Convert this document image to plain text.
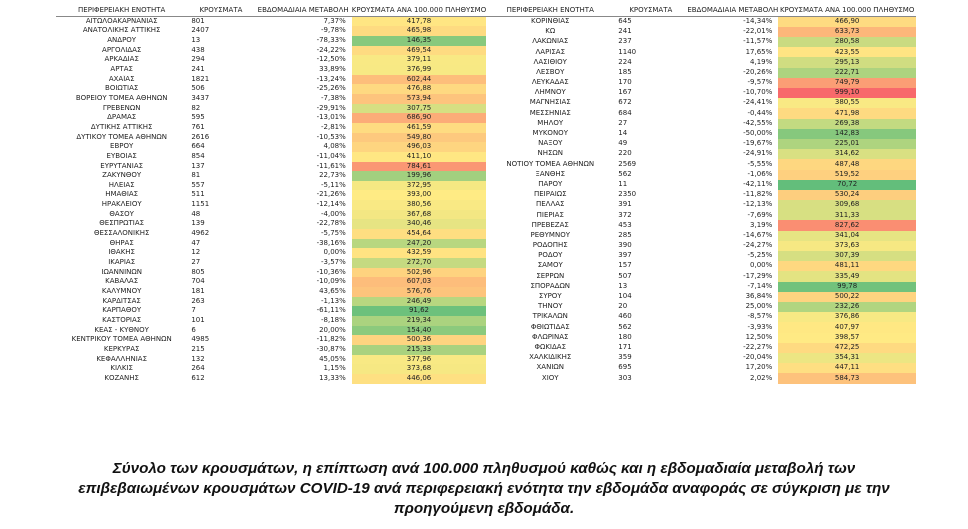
ΠΕΡΙΦΕΡΕΙΑΚΗ ΕΝΟΤΗΤΑ	ΚΡΟΥΣΜΑΤΑ	ΕΒΔΟΜΑΔΙΑΙΑ ΜΕΤΑΒΟΛΗ	ΚΡΟΥΣΜΑΤΑ ΑΝΑ 100.000 ΠΛΗΘΥΣΜΟ
ΑΙΤΩΛΟΑΚΑΡΝΑΝΙΑΣ	801	7,37%	417,78
ΑΝΑΤΟΛΙΚΗΣ ΑΤΤΙΚΗΣ	2407	-9,78%	465,98
ΑΝΔΡΟΥ	13	-78,33%	146,35
ΑΡΓΟΛΙΔΑΣ	438	-24,22%	469,54
ΑΡΚΑΔΙΑΣ	294	-12,50%	379,11
ΑΡΤΑΣ	241	33,89%	376,99
ΑΧΑΪΑΣ	1821	-13,24%	602,44
ΒΟΙΩΤΙΑΣ	506	-25,26%	476,88
ΒΟΡΕΙΟΥ ΤΟΜΕΑ ΑΘΗΝΩΝ	3437	-7,38%	573,94
ΓΡΕΒΕΝΩΝ	82	-29,91%	307,75
ΔΡΑΜΑΣ	595	-13,01%	686,90
ΔΥΤΙΚΗΣ ΑΤΤΙΚΗΣ	761	-2,81%	461,59
ΔΥΤΙΚΟΥ ΤΟΜΕΑ ΑΘΗΝΩΝ	2616	-10,53%	549,80
ΕΒΡΟΥ	664	4,08%	496,03
ΕΥΒΟΙΑΣ	854	-11,04%	411,10
ΕΥΡΥΤΑΝΙΑΣ	137	-11,61%	784,61
ΖΑΚΥΝΘΟΥ	81	22,73%	199,96
ΗΛΕΙΑΣ	557	-5,11%	372,95
ΗΜΑΘΙΑΣ	511	-21,26%	393,00
ΗΡΑΚΛΕΙΟΥ	1151	-12,14%	380,56
ΘΑΣΟΥ	48	-4,00%	367,68
ΘΕΣΠΡΩΤΙΑΣ	139	-22,78%	340,46
ΘΕΣΣΑΛΟΝΙΚΗΣ	4962	-5,75%	454,64
ΘΗΡΑΣ	47	-38,16%	247,20
ΙΘΑΚΗΣ	12	0,00%	432,59
ΙΚΑΡΙΑΣ	27	-3,57%	272,70
ΙΩΑΝΝΙΝΩΝ	805	-10,36%	502,96
ΚΑΒΑΛΑΣ	704	-10,09%	607,03
ΚΑΛΥΜΝΟΥ	181	43,65%	576,76
ΚΑΡΔΙΤΣΑΣ	263	-1,13%	246,49
ΚΑΡΠΑΘΟΥ	7	-61,11%	91,62
ΚΑΣΤΟΡΙΑΣ	101	-8,18%	219,34
ΚΕΑΣ - ΚΥΘΝΟΥ	6	20,00%	154,40
ΚΕΝΤΡΙΚΟΥ ΤΟΜΕΑ ΑΘΗΝΩΝ	4985	-11,82%	500,36
ΚΕΡΚΥΡΑΣ	215	-30,87%	215,33
ΚΕΦΑΛΛΗΝΙΑΣ	132	45,05%	377,96
ΚΙΛΚΙΣ	264	1,15%	373,68
ΚΟΖΑΝΗΣ	612	13,33%	446,06
ΠΕΡΙΦΕΡΕΙΑΚΗ ΕΝΟΤΗΤΑ	ΚΡΟΥΣΜΑΤΑ	ΕΒΔΟΜΑΔΙΑΙΑ ΜΕΤΑΒΟΛΗ	ΚΡΟΥΣΜΑΤΑ ΑΝΑ 100.000 ΠΛΗΘΥΣΜΟ
ΚΟΡΙΝΘΙΑΣ	645	-14,34%	466,90
ΚΩ	241	-22,01%	633,73
ΛΑΚΩΝΙΑΣ	237	-11,57%	280,58
ΛΑΡΙΣΑΣ	1140	17,65%	423,55
ΛΑΣΙΘΙΟΥ	224	4,19%	295,13
ΛΕΣΒΟΥ	185	-20,26%	222,71
ΛΕΥΚΑΔΑΣ	170	-9,57%	749,79
ΛΗΜΝΟΥ	167	-10,70%	999,10
ΜΑΓΝΗΣΙΑΣ	672	-24,41%	380,55
ΜΕΣΣΗΝΙΑΣ	684	-0,44%	471,98
ΜΗΛΟΥ	27	-42,55%	269,38
ΜΥΚΟΝΟΥ	14	-50,00%	142,83
ΝΑΞΟΥ	49	-19,67%	225,01
ΝΗΣΩΝ	220	-24,91%	314,62
ΝΟΤΙΟΥ ΤΟΜΕΑ ΑΘΗΝΩΝ	2569	-5,55%	487,48
ΞΑΝΘΗΣ	562	-1,06%	519,52
ΠΑΡΟΥ	11	-42,11%	70,72
ΠΕΙΡΑΙΩΣ	2350	-11,82%	530,24
ΠΕΛΛΑΣ	391	-12,13%	309,68
ΠΙΕΡΙΑΣ	372	-7,69%	311,33
ΠΡΕΒΕΖΑΣ	453	3,19%	827,62
ΡΕΘΥΜΝΟΥ	285	-14,67%	341,04
ΡΟΔΟΠΗΣ	390	-24,27%	373,63
ΡΟΔΟΥ	397	-5,25%	307,39
ΣΑΜΟΥ	157	0,00%	481,11
ΣΕΡΡΩΝ	507	-17,29%	335,49
ΣΠΟΡΑΔΩΝ	13	-7,14%	99,78
ΣΥΡΟΥ	104	36,84%	500,22
ΤΗΝΟΥ	20	25,00%	232,26
ΤΡΙΚΑΛΩΝ	460	-8,57%	376,86
ΦΘΙΩΤΙΔΑΣ	562	-3,93%	407,97
ΦΛΩΡΙΝΑΣ	180	12,50%	398,57
ΦΩΚΙΔΑΣ	171	-22,27%	472,25
ΧΑΛΚΙΔΙΚΗΣ	359	-20,04%	354,31
ΧΑΝΙΩΝ	695	17,20%	447,11
ΧΙΟΥ	303	2,02%	584,73
Σύνολο των κρουσμάτων, η επίπτωση ανά 100.000 πληθυσμού καθώς και η εβδομαδιαία μεταβολή των
επιβεβαιωμένων κρουσμάτων COVID-19 ανά περιφερειακή ενότητα την εβδομάδα αναφοράς σε σύγκριση με την
προηγούμενη εβδομάδα.
